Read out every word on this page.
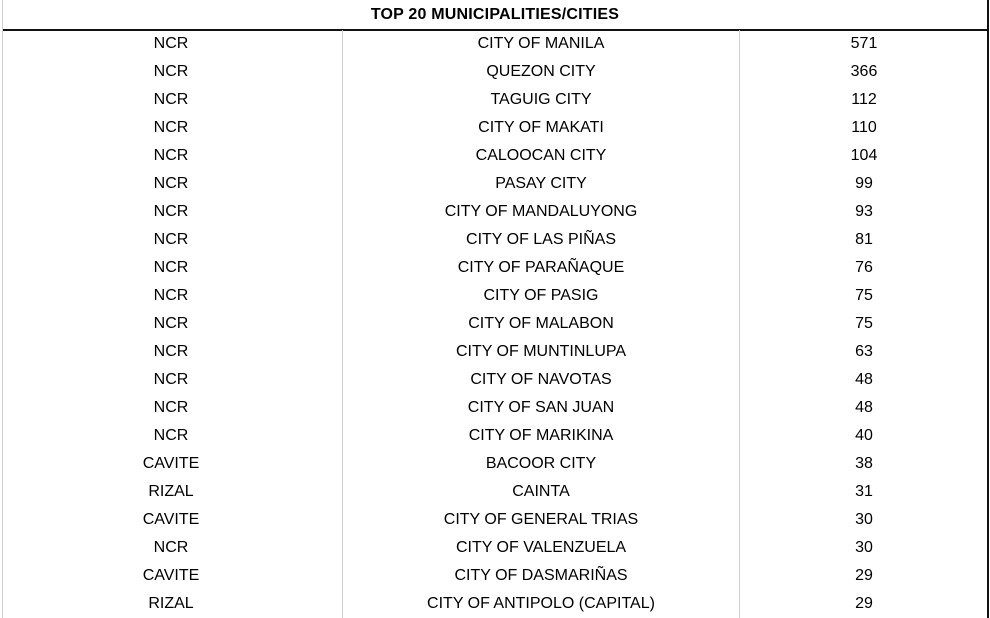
TOP 20 MUNICIPALITIES/CITIES
NCR	CITY OF MANILA	571
NCR	QUEZON CITY	366
NCR	TAGUIG CITY	112
NCR	CITY OF MAKATI	110
NCR	CALOOCAN CITY	104
NCR	PASAY CITY	99
NCR	CITY OF MANDALUYONG	93
NCR	CITY OF LAS PIÑAS	81
NCR	CITY OF PARAÑAQUE	76
NCR	CITY OF PASIG	75
NCR	CITY OF MALABON	75
NCR	CITY OF MUNTINLUPA	63
NCR	CITY OF NAVOTAS	48
NCR	CITY OF SAN JUAN	48
NCR	CITY OF MARIKINA	40
CAVITE	BACOOR CITY	38
RIZAL	CAINTA	31
CAVITE	CITY OF GENERAL TRIAS	30
NCR	CITY OF VALENZUELA	30
CAVITE	CITY OF DASMARIÑAS	29
RIZAL	CITY OF ANTIPOLO (CAPITAL)	29
